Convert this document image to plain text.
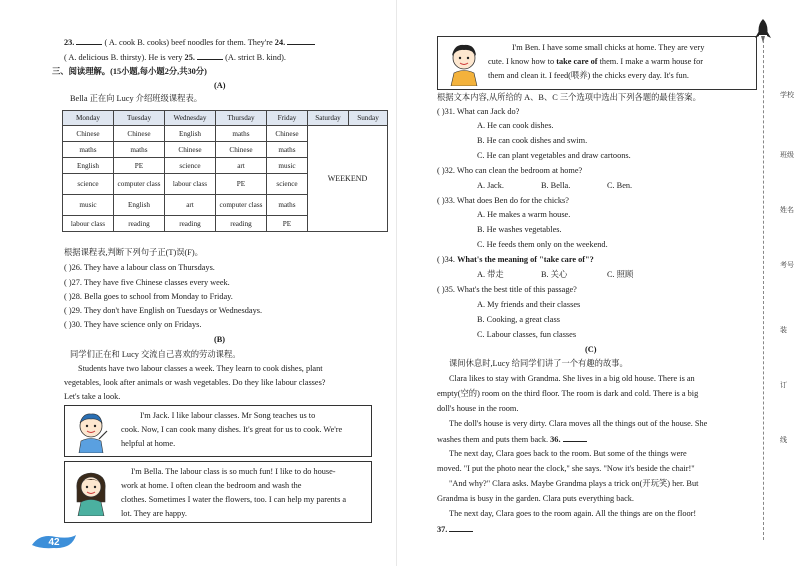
23.	( A. cook B. cooks) beef noodles for them. They're 24.
( A. delicious B. thirsty). He is very 25.	(A. strict B. kind).
三、阅读理解。(15小题,每小题2分,共30分)
(A)
Bella 正在向 Lucy 介绍班级课程表。
Monday	Tuesday	Wednesday	Thursday	Friday	Saturday	Sunday
Chinese	Chinese	English	maths	Chinese	WEEKEND	
maths	maths	Chinese	Chinese	maths		
English	PE	science	art	music		
science	computer class	labour class	PE	science		
music	English	art	computer class	maths		
labour class	reading	reading	reading	PE		
根据课程表,判断下列句子正(T)误(F)。
( )26. They have a labour class on Thursdays.
( )27. They have five Chinese classes every week.
( )28. Bella goes to school from Monday to Friday.
( )29. They don't have English on Tuesdays or Wednesdays.
( )30. They have science only on Fridays.
(B)
同学们正在和 Lucy 交流自己喜欢的劳动课程。
Students have two labour classes a week. They learn to cook dishes, plant
vegetables, look after animals or wash vegetables. Do they like labour classes?
Let's take a look.
I'm Jack. I like labour classes. Mr Song teaches us to
cook. Now, I can cook many dishes. It's great for us to cook. We're
helpful at home.
I'm Bella. The labour class is so much fun! I like to do house-
work at home. I often clean the bedroom and wash the
clothes. Sometimes I water the flowers, too. I can help my parents a
lot. They are happy.
42
I'm Ben. I have some small chicks at home. They are very
cute. I know how to take care of them. I make a warm house for
them and clean it. I feed(喂养) the chicks every day. It's fun.
根据文本内容,从所给的 A、B、C 三个选项中选出下列各题的最佳答案。
( )31. What can Jack do?
A. He can cook dishes.
B. He can cook dishes and swim.
C. He can plant vegetables and draw cartoons.
( )32. Who can clean the bedroom at home?
A. Jack.	B. Bella.	C. Ben.
( )33. What does Ben do for the chicks?
A. He makes a warm house.
B. He washes vegetables.
C. He feeds them only on the weekend.
( )34. What's the meaning of "take care of"?
A. 带走	B. 关心	C. 照顾
( )35. What's the best title of this passage?
A. My friends and their classes
B. Cooking, a great class
C. Labour classes, fun classes
(C)
课间休息时,Lucy 给同学们讲了一个有趣的故事。
Clara likes to stay with Grandma. She lives in a big old house. There is an
empty(空的) room on the third floor. The room is dark and cold. There is a big
doll's house in the room.
The doll's house is very dirty. Clara moves all the things out of the house. She
washes them and puts them back. 36.
The next day, Clara goes back to the room. But some of the things were
moved. "I put the photo near the clock," she says. "Now it's beside the chair!"
"And why?" Clara asks. Maybe Grandma plays a trick on(开玩笑) her. But
Grandma is busy in the garden. Clara puts everything back.
The next day, Clara goes to the room again. All the things are on the floor!
37.
学校
班级
姓名
考号
装
订
线
